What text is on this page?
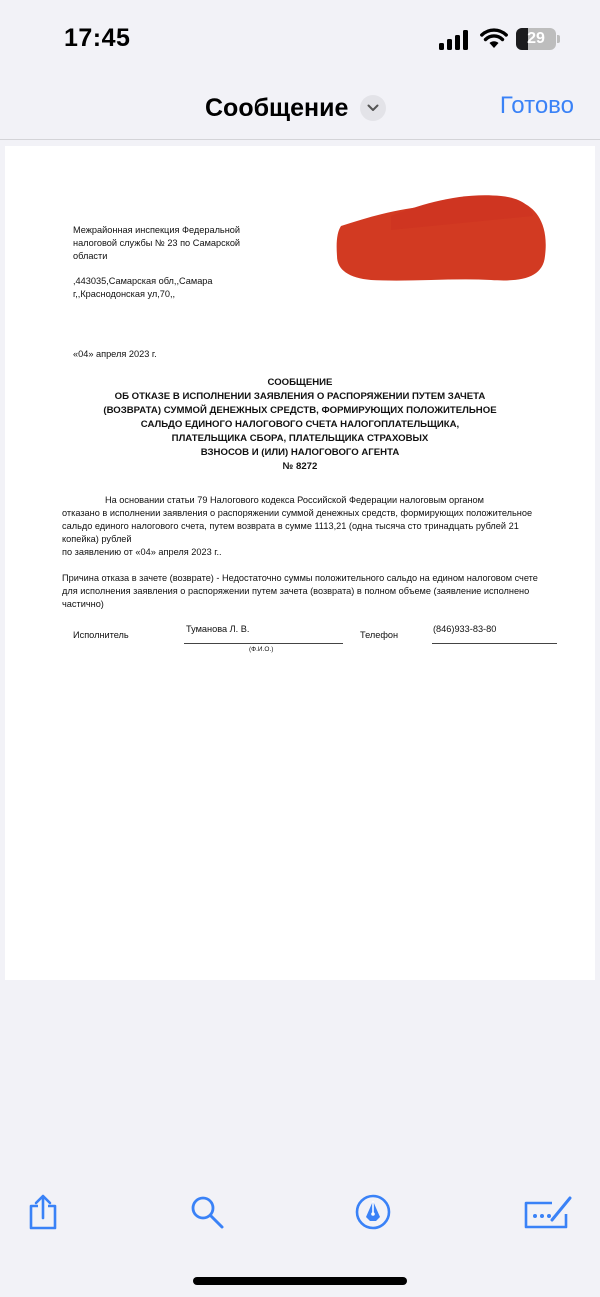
17:45	29
Сообщение	Готово
Межрайонная инспекция Федеральной налоговой службы № 23 по Самарской области
,443035,Самарская обл,,Самара
г,,Краснодонская ул,70,,
«04» апреля 2023 г.
СООБЩЕНИЕ
ОБ ОТКАЗЕ В ИСПОЛНЕНИИ ЗАЯВЛЕНИЯ О РАСПОРЯЖЕНИИ ПУТЕМ ЗАЧЕТА
(ВОЗВРАТА) СУММОЙ ДЕНЕЖНЫХ СРЕДСТВ, ФОРМИРУЮЩИХ ПОЛОЖИТЕЛЬНОЕ
САЛЬДО ЕДИНОГО НАЛОГОВОГО СЧЕТА НАЛОГОПЛАТЕЛЬЩИКА,
ПЛАТЕЛЬЩИКА СБОРА, ПЛАТЕЛЬЩИКА СТРАХОВЫХ
ВЗНОСОВ И (ИЛИ) НАЛОГОВОГО АГЕНТА
№ 8272
На основании статьи 79 Налогового кодекса Российской Федерации налоговым органом
отказано в исполнении заявления о распоряжении суммой денежных средств, формирующих положительное
сальдо единого налогового счета, путем возврата в сумме 1113,21 (одна тысяча сто тринадцать рублей 21
копейка) рублей
по заявлению от «04» апреля 2023 г..
Причина отказа в зачете (возврате) - Недостаточно суммы положительного сальдо на едином налоговом счете
для исполнения заявления о распоряжении путем зачета (возврата) в полном объеме (заявление исполнено
частично)
Исполнитель
Туманова Л. В.
(Ф.И.О.)
Телефон
(846)933-83-80
